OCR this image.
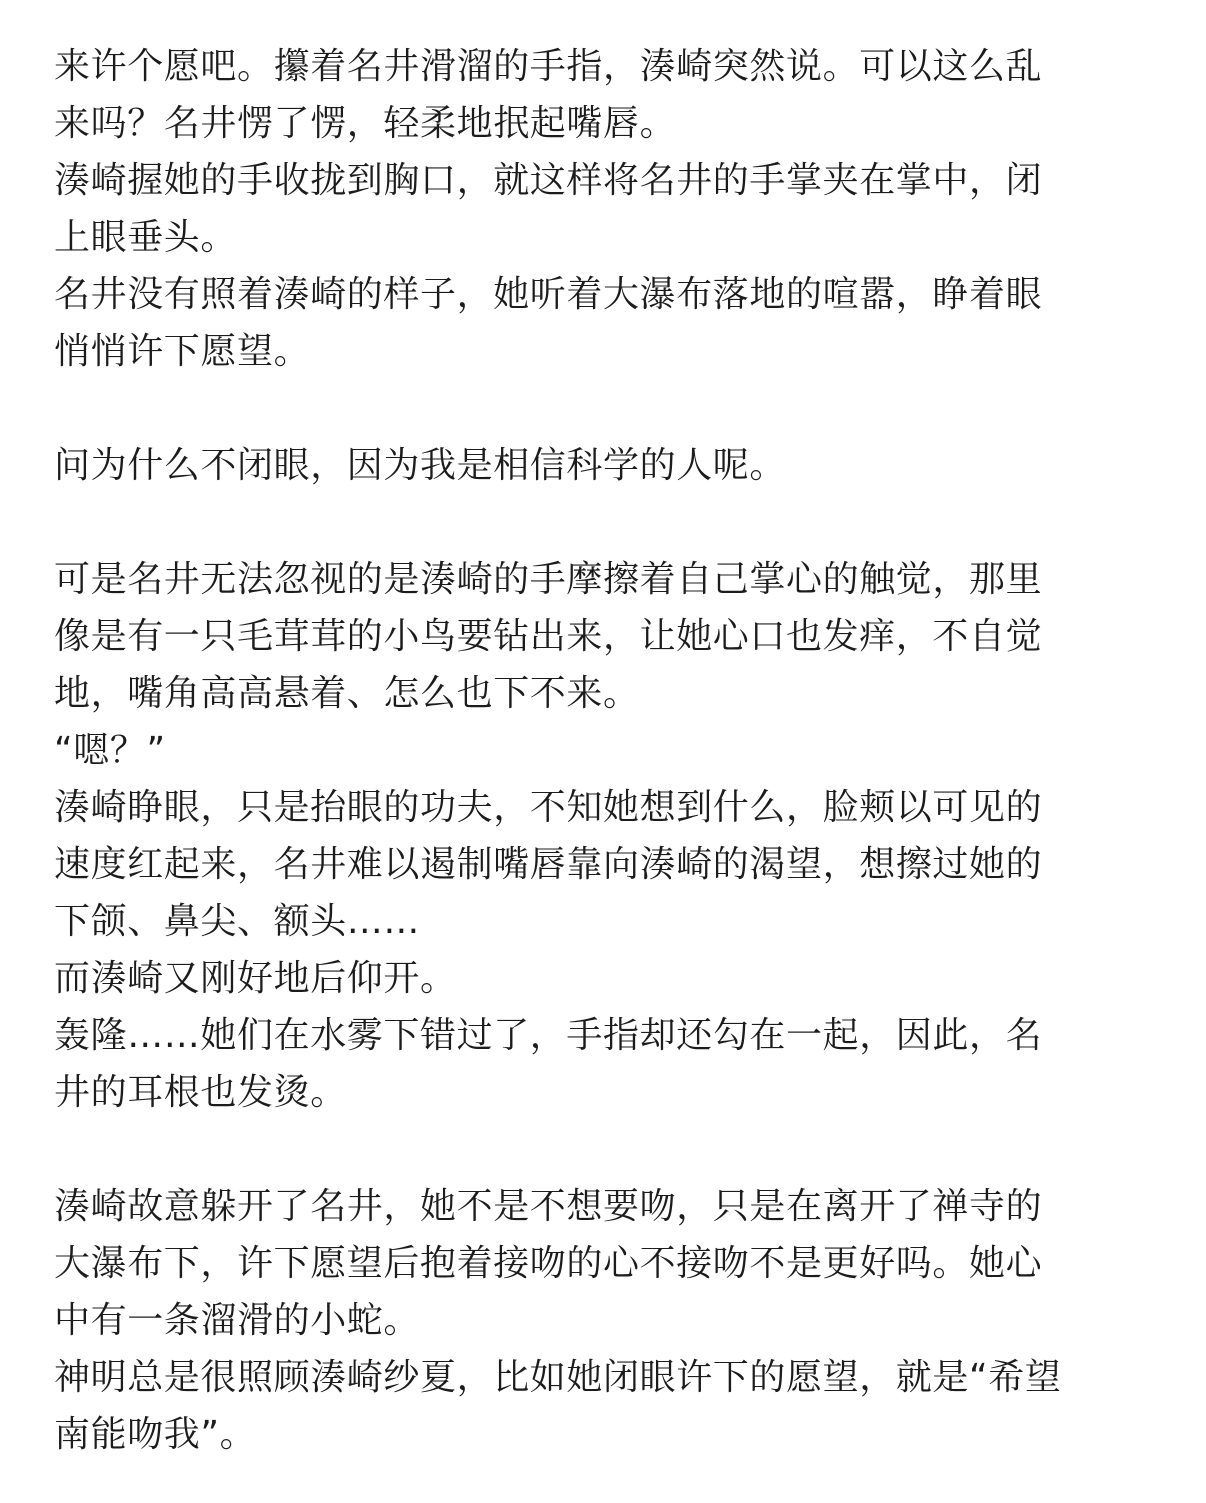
来许个愿吧。攥着名井滑溜的手指，湊崎突然说。可以这么乱
来吗？名井愣了愣，轻柔地抿起嘴唇。
湊崎握她的手收拢到胸口，就这样将名井的手掌夹在掌中，闭
上眼垂头。
名井没有照着湊崎的样子，她听着大瀑布落地的喧嚣，睁着眼
悄悄许下愿望。
问为什么不闭眼，因为我是相信科学的人呢。
可是名井无法忽视的是湊崎的手摩擦着自己掌心的触觉，那里
像是有一只毛茸茸的小鸟要钻出来，让她心口也发痒，不自觉
地，嘴角高高悬着、怎么也下不来。
“嗯？”
湊崎睁眼，只是抬眼的功夫，不知她想到什么，脸颊以可见的
速度红起来，名井难以遏制嘴唇靠向湊崎的渴望，想擦过她的
下颌、鼻尖、额头……
而湊崎又刚好地后仰开。
轰隆……她们在水雾下错过了，手指却还勾在一起，因此，名
井的耳根也发烫。
湊崎故意躲开了名井，她不是不想要吻，只是在离开了禅寺的
大瀑布下，许下愿望后抱着接吻的心不接吻不是更好吗。她心
中有一条溜滑的小蛇。
神明总是很照顾湊崎纱夏，比如她闭眼许下的愿望，就是“希望
南能吻我”。
